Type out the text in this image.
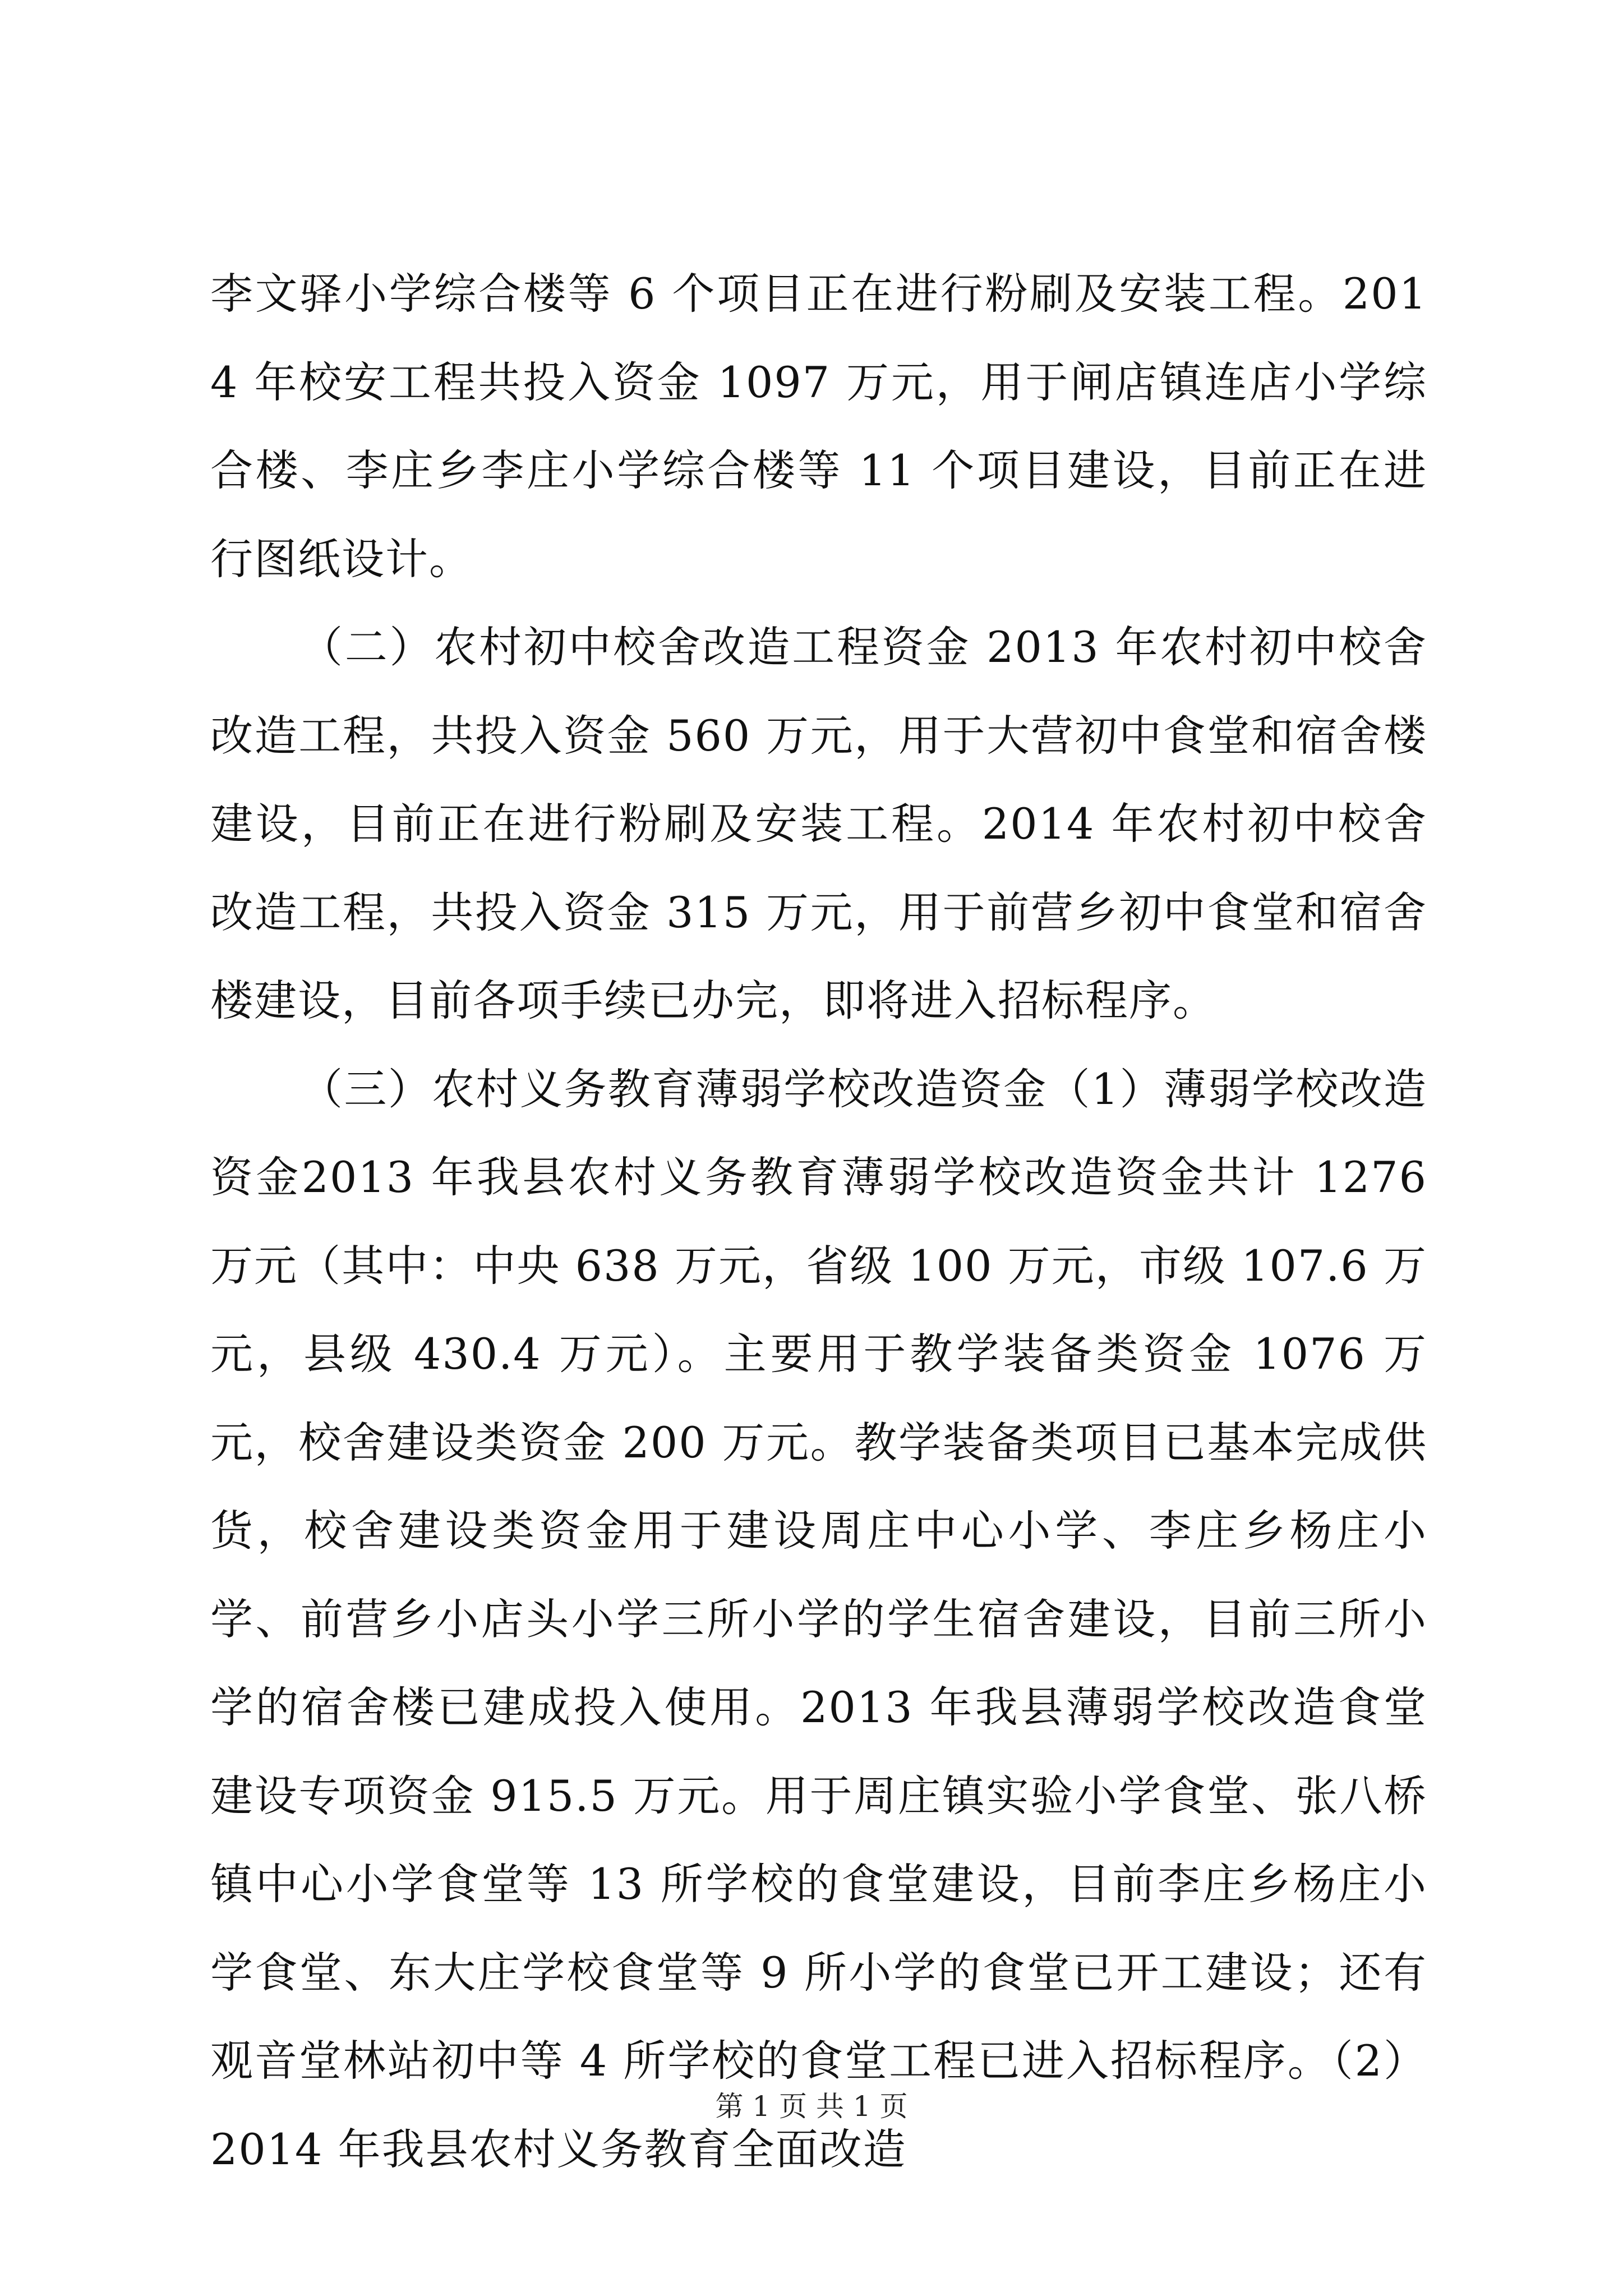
李文驿小学综合楼等 6 个项目正在进行粉刷及安装工程。2014 年校安工程共投入资金 1097 万元，用于闸店镇连店小学综合楼、李庄乡李庄小学综合楼等 11 个项目建设，目前正在进行图纸设计。

（二）农村初中校舍改造工程资金 2013 年农村初中校舍改造工程，共投入资金 560 万元，用于大营初中食堂和宿舍楼建设，目前正在进行粉刷及安装工程。2014 年农村初中校舍改造工程，共投入资金 315 万元，用于前营乡初中食堂和宿舍楼建设，目前各项手续已办完，即将进入招标程序。

（三）农村义务教育薄弱学校改造资金（1）薄弱学校改造资金2013 年我县农村义务教育薄弱学校改造资金共计 1276 万元（其中：中央 638 万元，省级 100 万元，市级 107.6 万元，县级 430.4 万元）。主要用于教学装备类资金 1076 万元，校舍建设类资金 200 万元。教学装备类项目已基本完成供货，校舍建设类资金用于建设周庄中心小学、李庄乡杨庄小学、前营乡小店头小学三所小学的学生宿舍建设，目前三所小学的宿舍楼已建成投入使用。2013 年我县薄弱学校改造食堂建设专项资金 915.5 万元。用于周庄镇实验小学食堂、张八桥镇中心小学食堂等 13 所学校的食堂建设，目前李庄乡杨庄小学食堂、东大庄学校食堂等 9 所小学的食堂已开工建设；还有观音堂林站初中等 4 所学校的食堂工程已进入招标程序。（2）2014 年我县农村义务教育全面改造

第 1 页 共 1 页
